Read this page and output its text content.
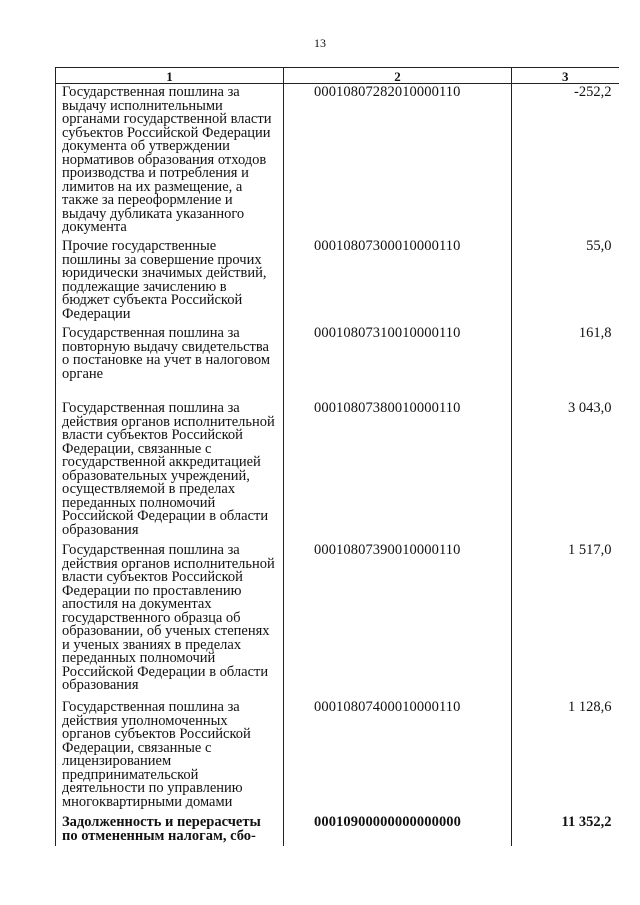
13
1	2	3

Государственная пошлина за выдачу исполнительными органами государственной власти субъектов Российской Федерации документа об утверждении нормативов образования отходов производства и потребления и лимитов на их размещение, а также за переоформление и выдачу дубликата указанного документа	00010807282010000110	-252,2

Прочие государственные пошлины за совершение прочих юридически значимых действий, подлежащие зачислению в бюджет субъекта Российской Федерации	00010807300010000110	55,0

Государственная пошлина за повторную выдачу свидетельства о постановке на учет в налоговом органе	00010807310010000110	161,8

Государственная пошлина за действия органов исполнительной власти субъектов Российской Федерации, связанные с государственной аккредитацией образовательных учреждений, осуществляемой в пределах переданных полномочий Российской Федерации в области образования	00010807380010000110	3 043,0

Государственная пошлина за действия органов исполнительной власти субъектов Российской Федерации по проставлению апостиля на документах государственного образца об образовании, об ученых степенях и ученых званиях в пределах переданных полномочий Российской Федерации в области образования	00010807390010000110	1 517,0

Государственная пошлина за действия уполномоченных органов субъектов Российской Федерации, связанные с лицензированием предпринимательской деятельности по управлению многоквартирными домами	00010807400010000110	1 128,6

Задолженность и перерасчеты по отмененным налогам, сбо-	00010900000000000000	11 352,2
